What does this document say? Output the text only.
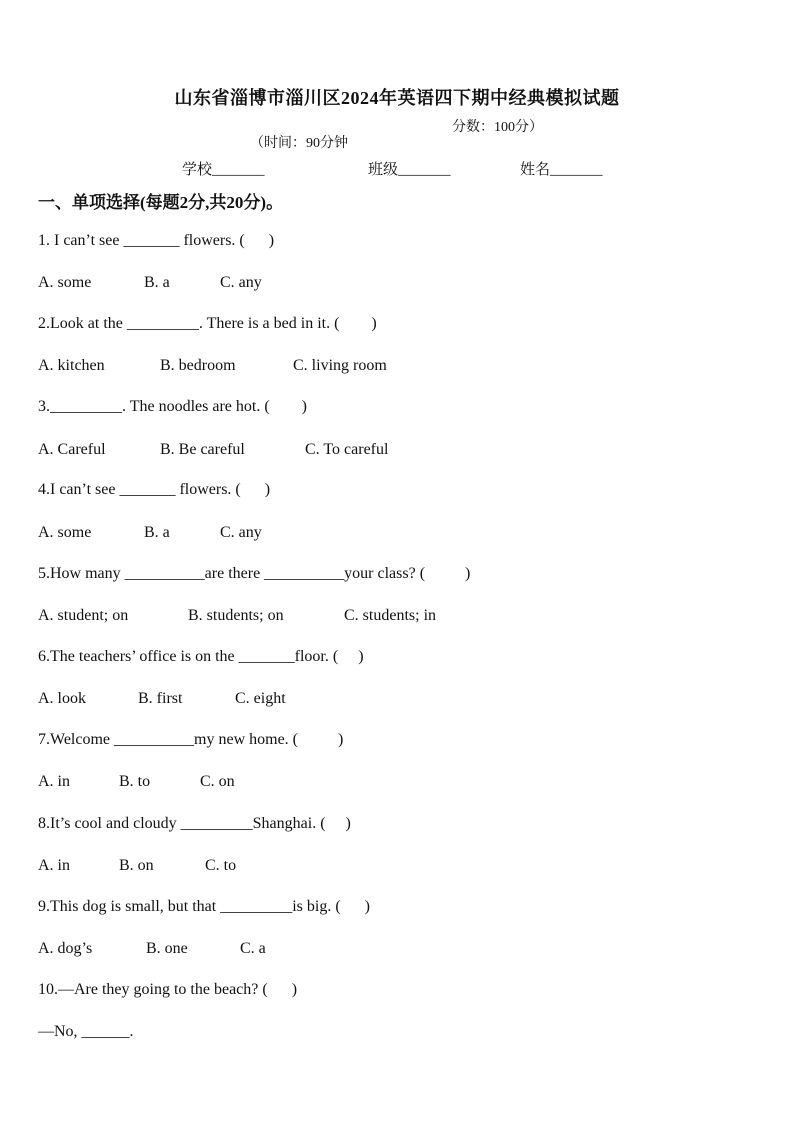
山东省淄博市淄川区2024年英语四下期中经典模拟试题

（时间：90分钟

分数：100分）

学校_______	班级_______	姓名_______
一、单项选择(每题2分,共20分)。
1. I can’t see _______ flowers. (      )
A. some	B. a	C. any
2.Look at the _________. There is a bed in it. (        )
A. kitchen	B. bedroom	C. living room
3._________. The noodles are hot. (        )
A. Careful	B. Be careful	C. To careful
4.I can’t see _______ flowers. (      )
A. some	B. a	C. any
5.How many __________are there __________your class? (          )
A. student; on	B. students; on	C. students; in
6.The teachers’ office is on the _______floor. (     )
A. look	B. first	C. eight
7.Welcome __________my new home. (          )
A. in	B. to	C. on
8.It’s cool and cloudy _________Shanghai. (     )
A. in	B. on	C. to
9.This dog is small, but that _________is big. (      )
A. dog’s	B. one	C. a
10.—Are they going to the beach? (      )
—No, ______.
